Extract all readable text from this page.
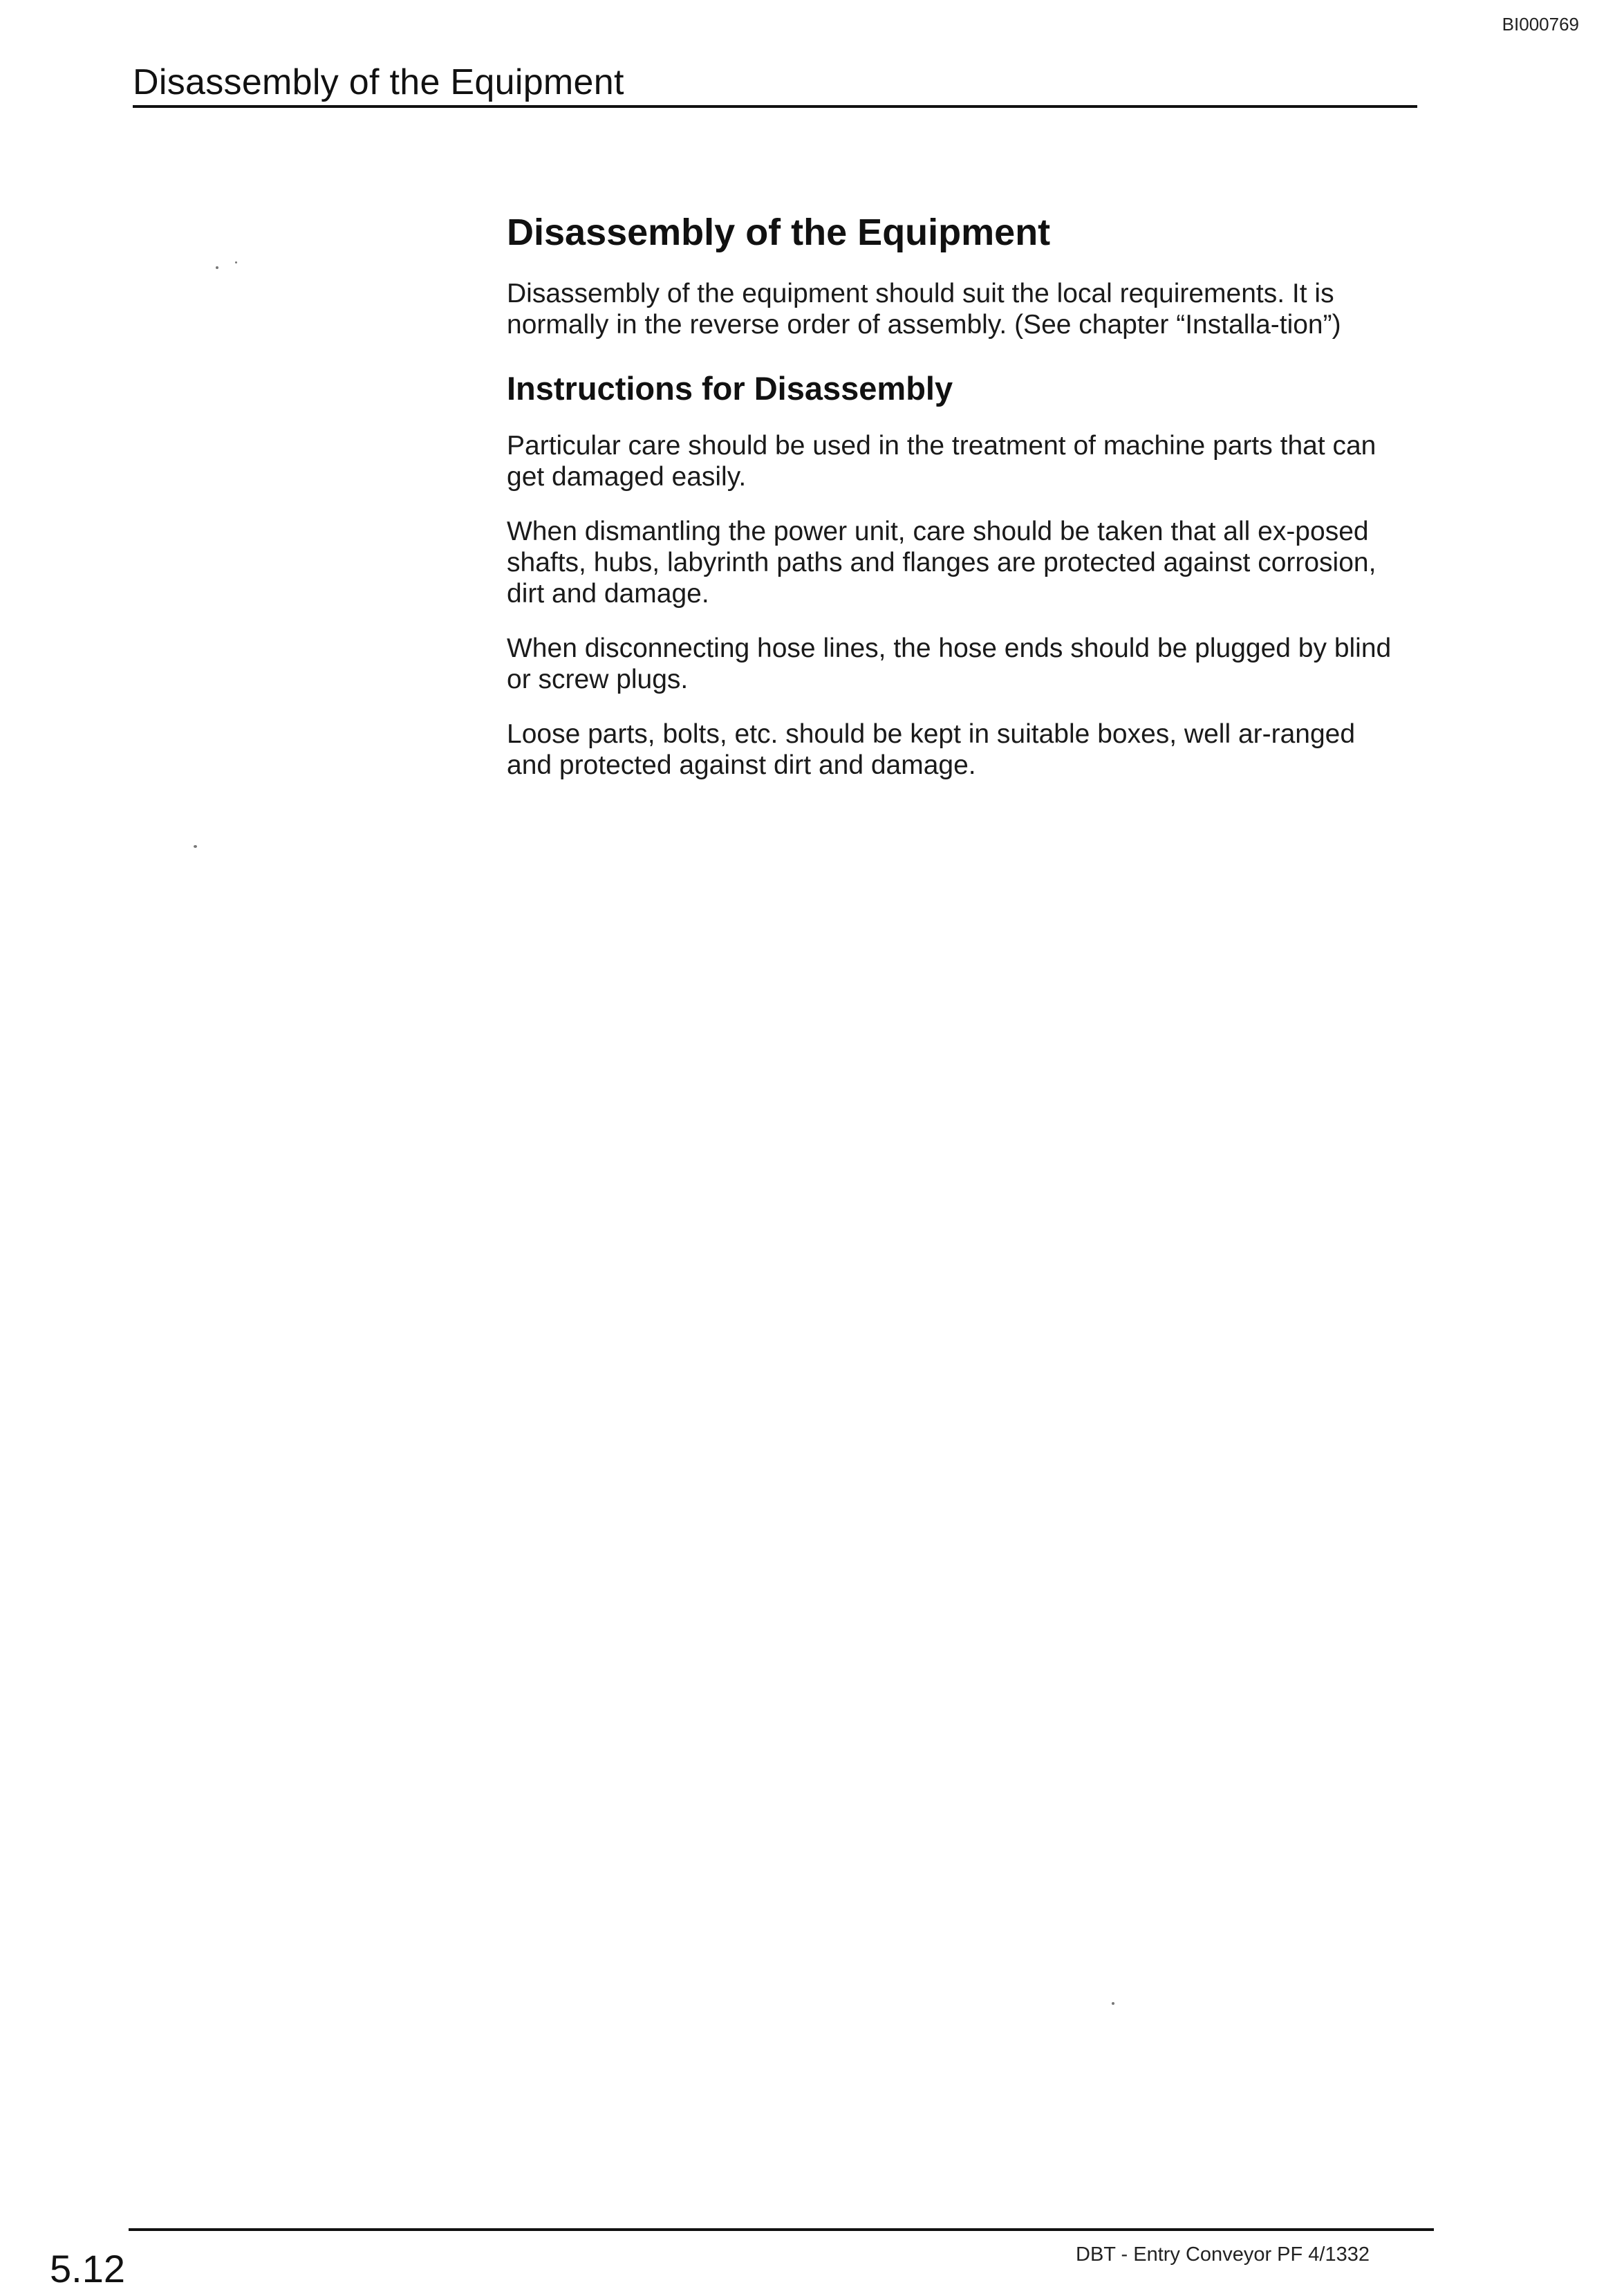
BI000769
Disassembly of the Equipment
Disassembly of the Equipment

Disassembly of the equipment should suit the local requirements. It is normally in the reverse order of assembly. (See chapter “Installa-tion”)

Instructions for Disassembly

Particular care should be used in the treatment of machine parts that can get damaged easily.

When dismantling the power unit, care should be taken that all ex-posed shafts, hubs, labyrinth paths and flanges are protected against corrosion, dirt and damage.

When disconnecting hose lines, the hose ends should be plugged by blind or screw plugs.

Loose parts, bolts, etc. should be kept in suitable boxes, well ar-ranged and protected against dirt and damage.

5.12	DBT - Entry Conveyor PF 4/1332
